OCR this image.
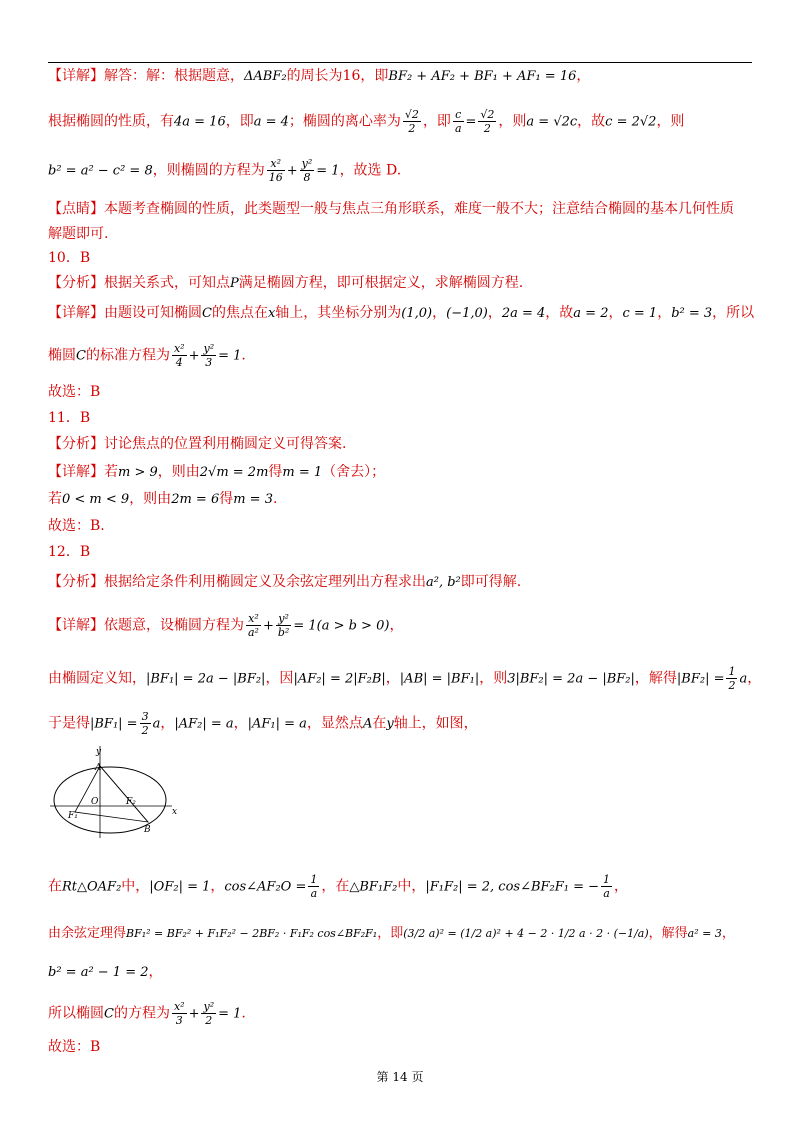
【详解】解答：解：根据题意，ΔABF₂的周长为16，即BF₂ + AF₂ + BF₁ + AF₁ = 16，
根据椭圆的性质，有4a = 16，即a = 4；椭圆的离心率为 $\frac{√2}{2}$ ，即 $\frac{c}{a} = \frac{√2}{2}$ ，则a = √2c，故c = 2√2，则
b² = a² − c² = 8，则椭圆的方程为 $\frac{\text{x²}}{16} + \frac{\text{y²}}{8} = 1$，故选 D.
【点睛】本题考查椭圆的性质，此类题型一般与焦点三角形联系，难度一般不大；注意结合椭圆的基本几何性质
解题即可.
10．B
【分析】根据关系式，可知点P满足椭圆方程，即可根据定义，求解椭圆方程.
【详解】由题设可知椭圆C的焦点在x轴上，其坐标分别为(1,0)，(−1,0)，2a = 4，故a = 2，c = 1，b² = 3，所以
椭圆C的标准方程为 $\frac{\text{x²}}{4} + \frac{\text{y²}}{3} = 1$.
故选：B
11．B
【分析】讨论焦点的位置利用椭圆定义可得答案.
【详解】若m > 9，则由2√m = 2m得m = 1（舍去）；
若0 < m < 9，则由2m = 6得m = 3.
故选：B.
12．B
【分析】根据给定条件利用椭圆定义及余弦定理列出方程求出a², b²即可得解.
【详解】依题意，设椭圆方程为 $\frac{\text{x²}}{\text{a²}} + \frac{\text{y²}}{\text{b²}} = 1(a > b > 0)$，
由椭圆定义知，|BF₁| = 2a − |BF₂|，因|AF₂| = 2|F₂B|，|AB| = |BF₁|，则3|BF₂| = 2a − |BF₂|，解得$|BF_2| = \frac{1}{2}$ a，
于是得$|BF_1| = \frac{3}{2}$ a，|AF₂| = a，|AF₁| = a，显然点A在y轴上，如图，
y
x
A
O	F₂
F₁
B
在Rt△OAF₂中，|OF₂| = 1，cos∠AF₂O = $\frac{1}{a}$ ，在△BF₁F₂中，|F₁F₂| = 2, cos∠BF₂F₁ = − $\frac{1}{a}$ ，
由余弦定理得BF₁² = BF₂² + F₁F₂² − 2BF₂ · F₁F₂ cos∠BF₂F₁，即(3/2 a)² = (1/2 a)² + 4 − 2 · 1/2 a · 2 · (−1/a)，解得a² = 3，
b² = a² − 1 = 2，
所以椭圆C的方程为 $\frac{\text{x²}}{3} + \frac{\text{y²}}{2} = 1$.
故选：B
第 14 页
